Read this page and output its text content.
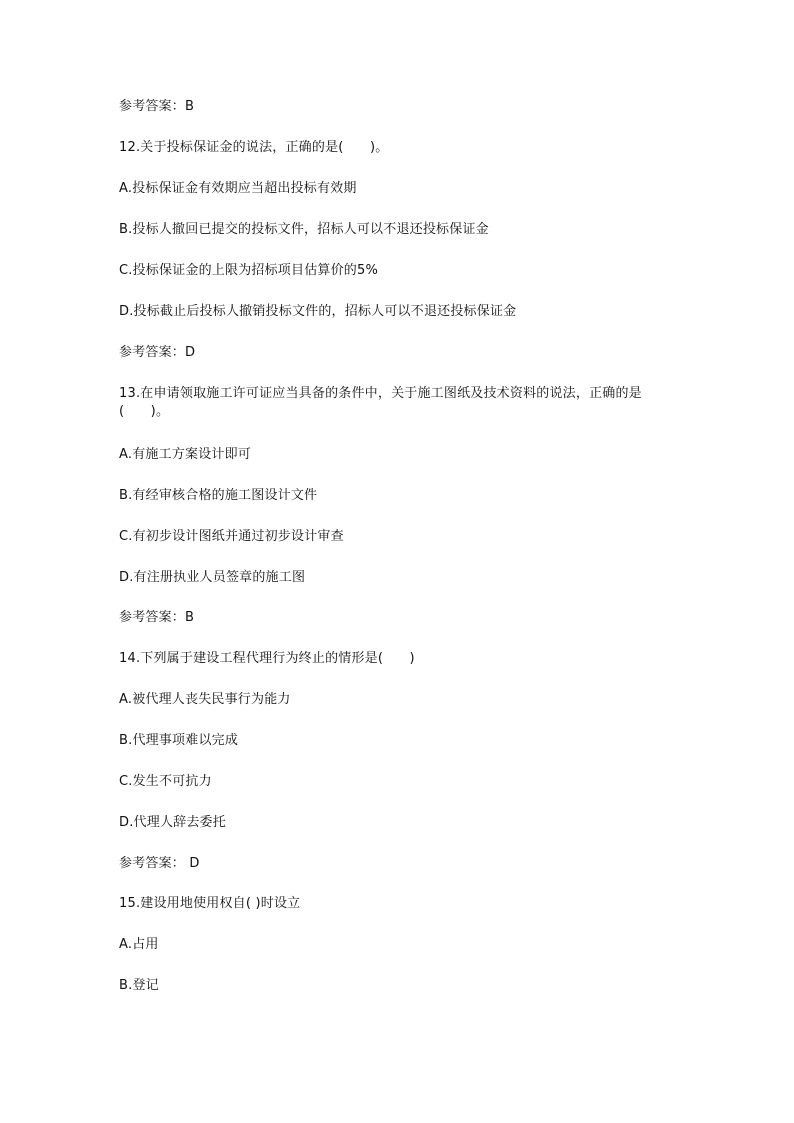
参考答案：B
12.关于投标保证金的说法，正确的是(　　)。
A.投标保证金有效期应当超出投标有效期
B.投标人撤回已提交的投标文件，招标人可以不退还投标保证金
C.投标保证金的上限为招标项目估算价的5%
D.投标截止后投标人撤销投标文件的，招标人可以不退还投标保证金
参考答案：D
13.在申请领取施工许可证应当具备的条件中，关于施工图纸及技术资料的说法，正确的是(　　)。
A.有施工方案设计即可
B.有经审核合格的施工图设计文件
C.有初步设计图纸并通过初步设计审查
D.有注册执业人员签章的施工图
参考答案：B
14.下列属于建设工程代理行为终止的情形是(　　)
A.被代理人丧失民事行为能力
B.代理事项难以完成
C.发生不可抗力
D.代理人辞去委托
参考答案： D
15.建设用地使用权自( )时设立
A.占用
B.登记
